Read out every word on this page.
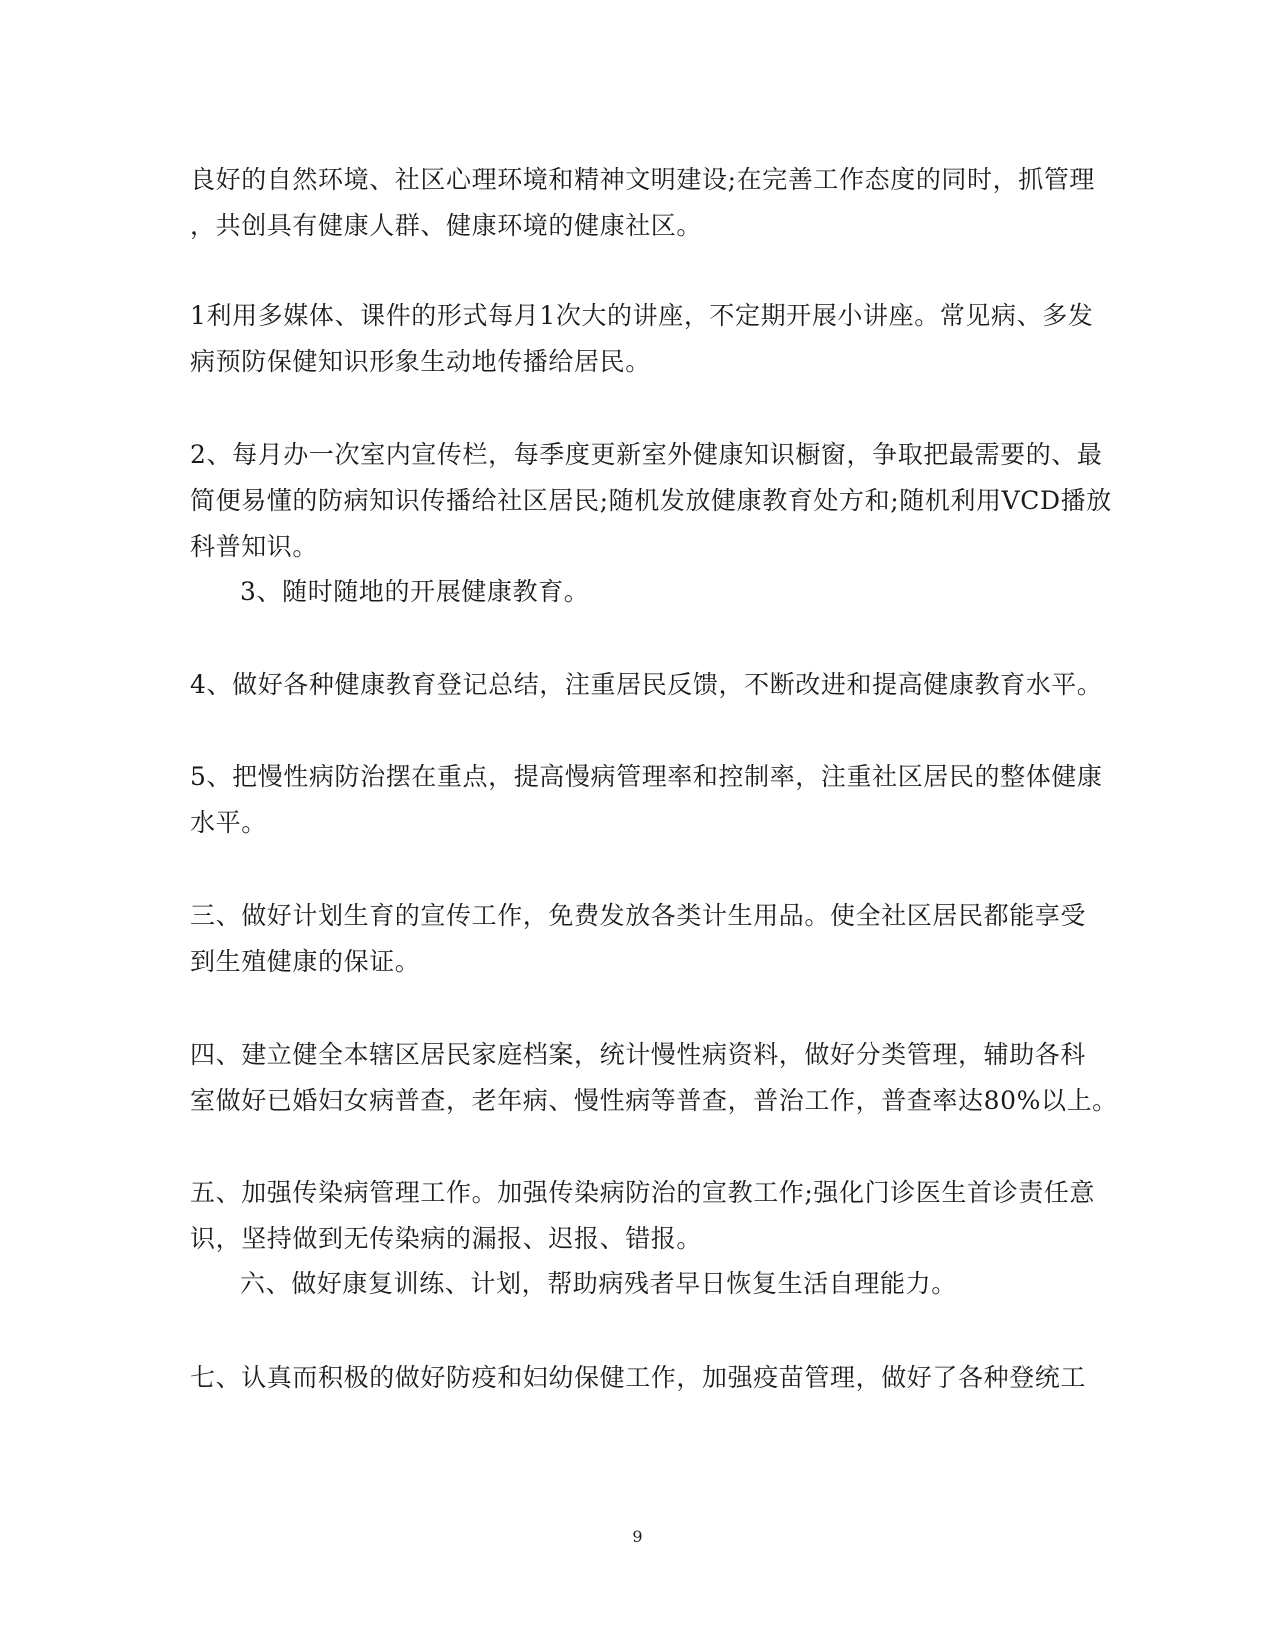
良好的自然环境、社区心理环境和精神文明建设;在完善工作态度的同时，抓管理
，共创具有健康人群、健康环境的健康社区。
1利用多媒体、课件的形式每月1次大的讲座，不定期开展小讲座。常见病、多发
病预防保健知识形象生动地传播给居民。
2、每月办一次室内宣传栏，每季度更新室外健康知识橱窗，争取把最需要的、最
简便易懂的防病知识传播给社区居民;随机发放健康教育处方和;随机利用VCD播放
科普知识。
3、随时随地的开展健康教育。
4、做好各种健康教育登记总结，注重居民反馈，不断改进和提高健康教育水平。
5、把慢性病防治摆在重点，提高慢病管理率和控制率，注重社区居民的整体健康
水平。
三、做好计划生育的宣传工作，免费发放各类计生用品。使全社区居民都能享受
到生殖健康的保证。
四、建立健全本辖区居民家庭档案，统计慢性病资料，做好分类管理，辅助各科
室做好已婚妇女病普查，老年病、慢性病等普查，普治工作，普查率达80%以上。
五、加强传染病管理工作。加强传染病防治的宣教工作;强化门诊医生首诊责任意
识，坚持做到无传染病的漏报、迟报、错报。
六、做好康复训练、计划，帮助病残者早日恢复生活自理能力。
七、认真而积极的做好防疫和妇幼保健工作，加强疫苗管理，做好了各种登统工
9
